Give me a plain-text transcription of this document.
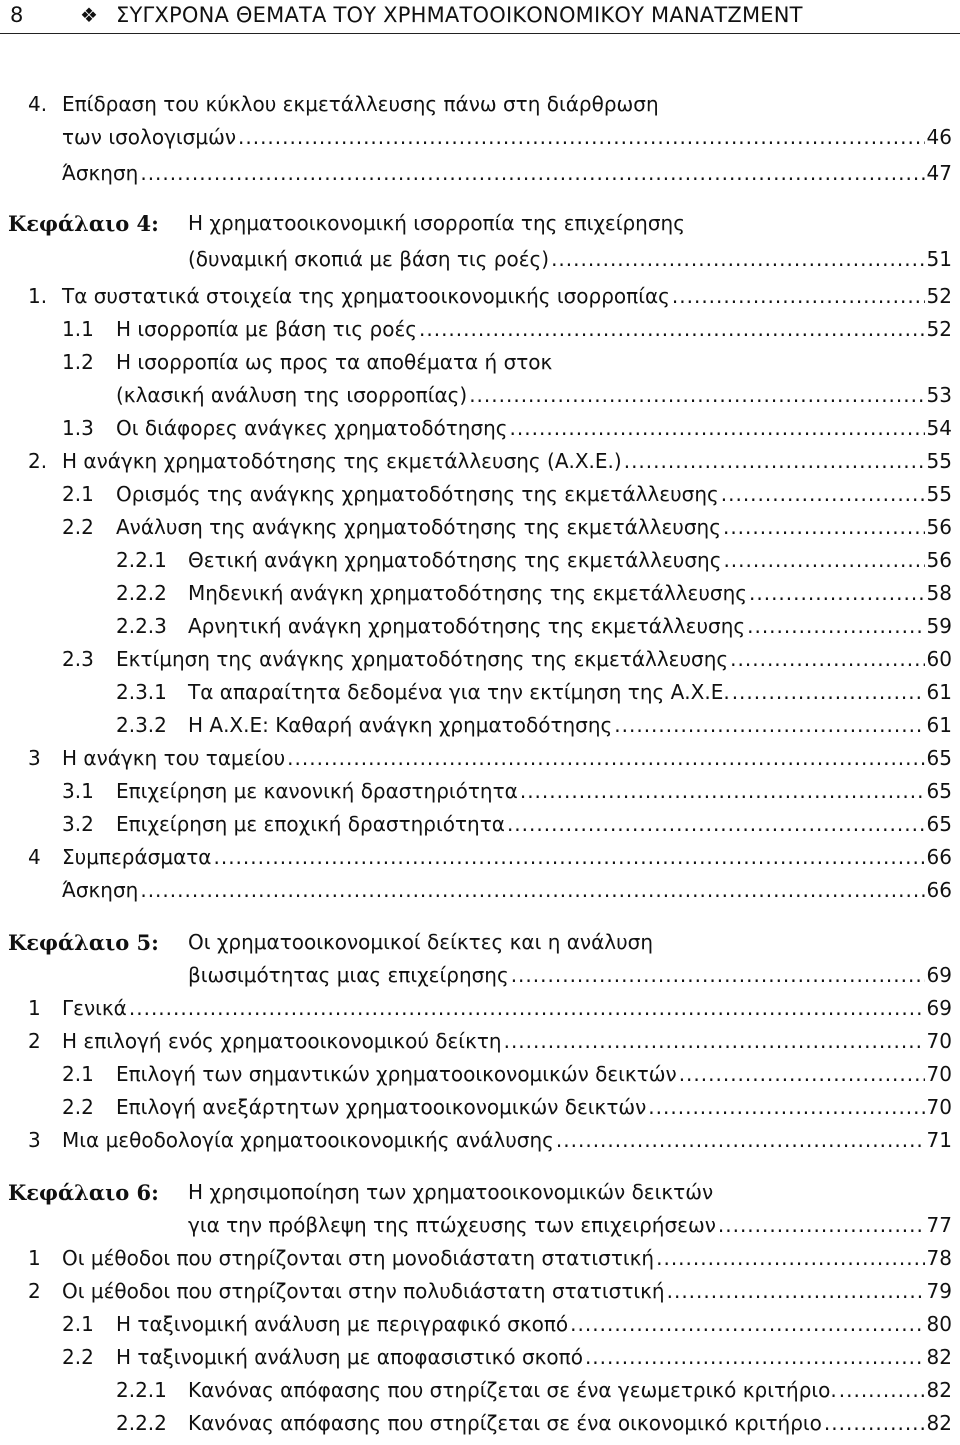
8	❖ ΣΥΓΧΡΟΝΑ ΘΕΜΑΤΑ ΤΟΥ ΧΡΗΜΑΤΟΟΙΚΟΝΟΜΙΚΟΥ ΜΑΝΑΤΖΜΕΝΤ
4. Επίδραση του κύκλου εκμετάλλευσης πάνω στη διάρθρωση
των ισολογισμών .....	46
Άσκηση .....	47
Κεφάλαιο 4: Η χρηματοοικονομική ισορροπία της επιχείρησης
(δυναμική σκοπιά με βάση τις ροές) .....	51
1. Τα συστατικά στοιχεία της χρηματοοικονομικής ισορροπίας .....	52
1.1 Η ισορροπία με βάση τις ροές .....	52
1.2 Η ισορροπία ως προς τα αποθέματα ή στοκ
(κλασική ανάλυση της ισορροπίας) .....	53
1.3 Οι διάφορες ανάγκες χρηματοδότησης .....	54
2. Η ανάγκη χρηματοδότησης της εκμετάλλευσης (Α.Χ.Ε.) .....	55
2.1 Ορισμός της ανάγκης χρηματοδότησης της εκμετάλλευσης .....	55
2.2 Ανάλυση της ανάγκης χρηματοδότησης της εκμετάλλευσης .....	56
2.2.1 Θετική ανάγκη χρηματοδότησης της εκμετάλλευσης .....	56
2.2.2 Μηδενική ανάγκη χρηματοδότησης της εκμετάλλευσης .....	58
2.2.3 Αρνητική ανάγκη χρηματοδότησης της εκμετάλλευσης .....	59
2.3 Εκτίμηση της ανάγκης χρηματοδότησης της εκμετάλλευσης .....	60
2.3.1 Τα απαραίτητα δεδομένα για την εκτίμηση της Α.Χ.Ε. .....	61
2.3.2 Η Α.Χ.Ε: Καθαρή ανάγκη χρηματοδότησης .....	61
3 Η ανάγκη του ταμείου .....	65
3.1 Επιχείρηση με κανονική δραστηριότητα .....	65
3.2 Επιχείρηση με εποχική δραστηριότητα .....	65
4 Συμπεράσματα .....	66
Άσκηση .....	66
Κεφάλαιο 5: Οι χρηματοοικονομικοί δείκτες και η ανάλυση
βιωσιμότητας μιας επιχείρησης .....	69
1 Γενικά .....	69
2 Η επιλογή ενός χρηματοοικονομικού δείκτη .....	70
2.1 Επιλογή των σημαντικών χρηματοοικονομικών δεικτών .....	70
2.2 Επιλογή ανεξάρτητων χρηματοοικονομικών δεικτών .....	70
3 Μια μεθοδολογία χρηματοοικονομικής ανάλυσης .....	71
Κεφάλαιο 6: Η χρησιμοποίηση των χρηματοοικονομικών δεικτών
για την πρόβλεψη της πτώχευσης των επιχειρήσεων .....	77
1 Οι μέθοδοι που στηρίζονται στη μονοδιάστατη στατιστική .....	78
2 Οι μέθοδοι που στηρίζονται στην πολυδιάστατη στατιστική .....	79
2.1 Η ταξινομική ανάλυση με περιγραφικό σκοπό .....	80
2.2 Η ταξινομική ανάλυση με αποφασιστικό σκοπό .....	82
2.2.1 Κανόνας απόφασης που στηρίζεται σε ένα γεωμετρικό κριτήριο. .....	82
2.2.2 Κανόνας απόφασης που στηρίζεται σε ένα οικονομικό κριτήριο .....	82
